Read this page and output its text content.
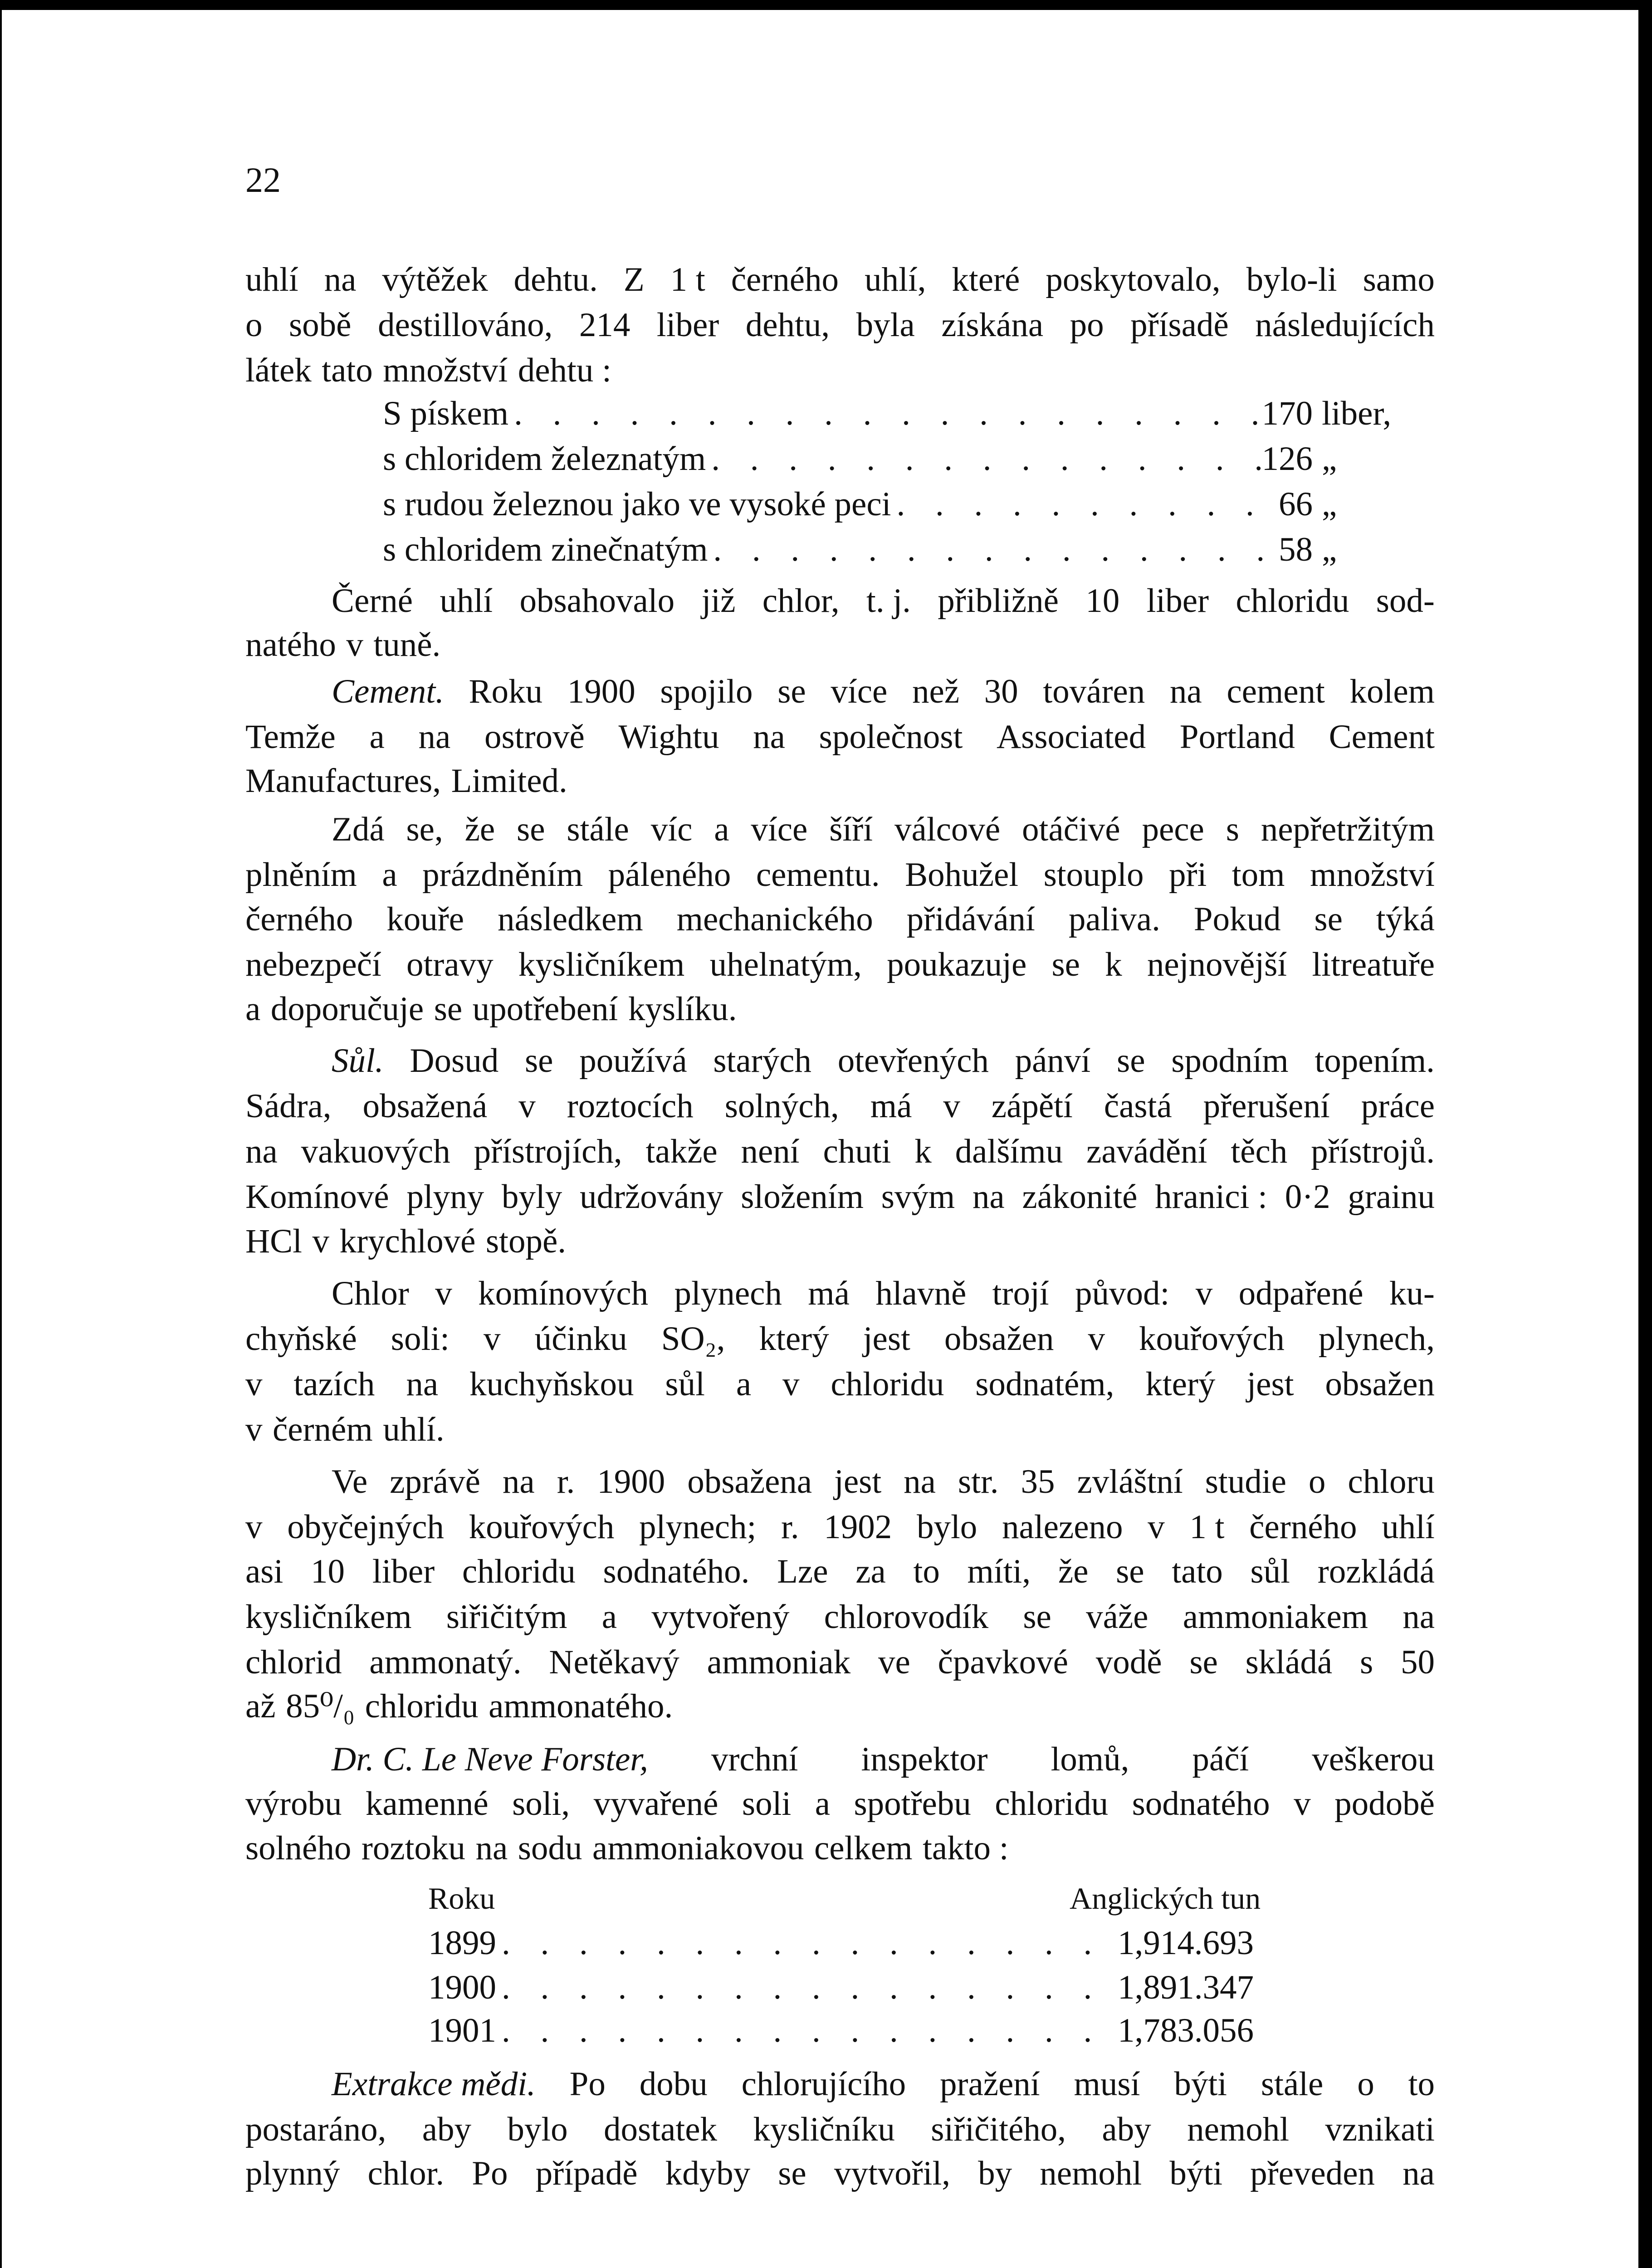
22
uhlí na výtěžek dehtu. Z 1 t černého uhlí, které poskytovalo, bylo-li samo
o sobě destillováno, 214 liber dehtu, byla získána po přísadě následujících
látek tato množství dehtu :
S pískem . . .	170 liber,
s chloridem železnatým . . .	126 „
s rudou železnou jako ve vysoké peci . . .	66 „
s chloridem zinečnatým . . .	58 „
Černé uhlí obsahovalo již chlor, t. j. přibližně 10 liber chloridu sod-
natého v tuně.
Cement. Roku 1900 spojilo se více než 30 továren na cement kolem
Temže a na ostrově Wightu na společnost Associated Portland Cement
Manufactures, Limited.
Zdá se, že se stále víc a více šíří válcové otáčivé pece s nepřetržitým
plněním a prázdněním páleného cementu. Bohužel stouplo při tom množství
černého kouře následkem mechanického přidávání paliva. Pokud se týká
nebezpečí otravy kysličníkem uhelnatým, poukazuje se k nejnovější litreatuře
a doporučuje se upotřebení kyslíku.
Sůl. Dosud se používá starých otevřených pánví se spodním topením.
Sádra, obsažená v roztocích solných, má v zápětí častá přerušení práce
na vakuových přístrojích, takže není chuti k dalšímu zavádění těch přístrojů.
Komínové plyny byly udržovány složením svým na zákonité hranici : 0·2 grainu
HCl v krychlové stopě.
Chlor v komínových plynech má hlavně trojí původ: v odpařené ku-
chyňské soli: v účinku SO₂, který jest obsažen v kouřových plynech,
v tazích na kuchyňskou sůl a v chloridu sodnatém, který jest obsažen
v černém uhlí.
Ve zprávě na r. 1900 obsažena jest na str. 35 zvláštní studie o chloru
v obyčejných kouřových plynech; r. 1902 bylo nalezeno v 1 t černého uhlí
asi 10 liber chloridu sodnatého. Lze za to míti, že se tato sůl rozkládá
kysličníkem siřičitým a vytvořený chlorovodík se váže ammoniakem na
chlorid ammonatý. Netěkavý ammoniak ve čpavkové vodě se skládá s 50
až 85⁰/₀ chloridu ammonatého.
Dr. C. Le Neve Forster, vrchní inspektor lomů, páčí veškerou
výrobu kamenné soli, vyvařené soli a spotřebu chloridu sodnatého v podobě
solného roztoku na sodu ammoniakovou celkem takto :
Roku	Anglických tun
1899 . . .	1,914.693
1900 . . .	1,891.347
1901 . . .	1,783.056
Extrakce mědi. Po dobu chlorujícího pražení musí býti stále o to
postaráno, aby bylo dostatek kysličníku siřičitého, aby nemohl vznikati
plynný chlor. Po případě kdyby se vytvořil, by nemohl býti převeden na
